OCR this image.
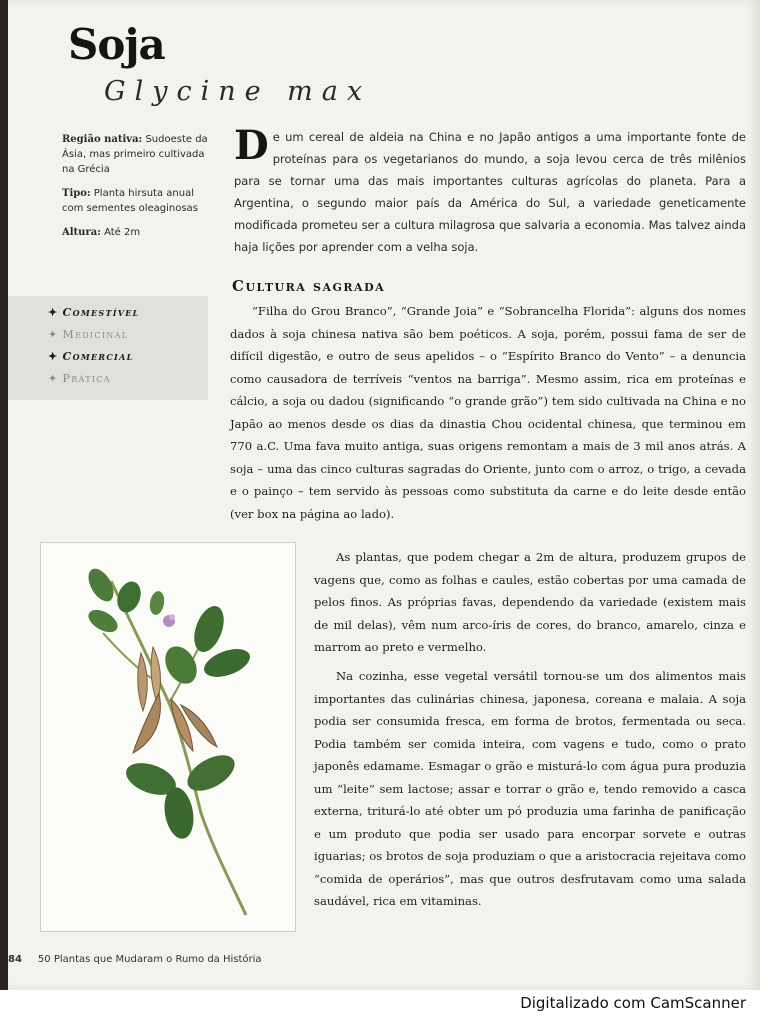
Soja
Glycine max

Região nativa: Sudoeste da Ásia, mas primeiro cultivada na Grécia

Tipo: Planta hirsuta anual com sementes oleaginosas

Altura: Até 2m

✦ Comestível
✦ Medicinal
✦ Comercial
✦ Prática

De um cereal de aldeia na China e no Japão antigos a uma importante fonte de proteínas para os vegetarianos do mundo, a soja levou cerca de três milênios para se tornar uma das mais importantes culturas agrícolas do planeta. Para a Argentina, o segundo maior país da América do Sul, a variedade geneticamente modificada prometeu ser a cultura milagrosa que salvaria a economia. Mas talvez ainda haja lições por aprender com a velha soja.

Cultura sagrada

“Filha do Grou Branco”, “Grande Joia” e “Sobrancelha Florida”: alguns dos nomes dados à soja chinesa nativa são bem poéticos. A soja, porém, possui fama de ser de difícil digestão, e outro de seus apelidos – o “Espírito Branco do Vento” – a denuncia como causadora de terríveis “ventos na barriga”. Mesmo assim, rica em proteínas e cálcio, a soja ou dadou (significando “o grande grão”) tem sido cultivada na China e no Japão ao menos desde os dias da dinastia Chou ocidental chinesa, que terminou em 770 a.C. Uma fava muito antiga, suas origens remontam a mais de 3 mil anos atrás. A soja – uma das cinco culturas sagradas do Oriente, junto com o arroz, o trigo, a cevada e o painço – tem servido às pessoas como substituta da carne e do leite desde então (ver box na página ao lado).

As plantas, que podem chegar a 2m de altura, produzem grupos de vagens que, como as folhas e caules, estão cobertas por uma camada de pelos finos. As próprias favas, dependendo da variedade (existem mais de mil delas), vêm num arco-íris de cores, do branco, amarelo, cinza e marrom ao preto e vermelho.

Na cozinha, esse vegetal versátil tornou-se um dos alimentos mais importantes das culinárias chinesa, japonesa, coreana e malaia. A soja podia ser consumida fresca, em forma de brotos, fermentada ou seca. Podia também ser comida inteira, com vagens e tudo, como o prato japonês edamame. Esmagar o grão e misturá-lo com água pura produzia um “leite” sem lactose; assar e torrar o grão e, tendo removido a casca externa, triturá-lo até obter um pó produzia uma farinha de panificação e um produto que podia ser usado para encorpar sorvete e outras iguarias; os brotos de soja produziam o que a aristocracia rejeitava como “comida de operários”, mas que outros desfrutavam como uma salada saudável, rica em vitaminas.

84 50 Plantas que Mudaram o Rumo da História
Digitalizado com CamScanner
